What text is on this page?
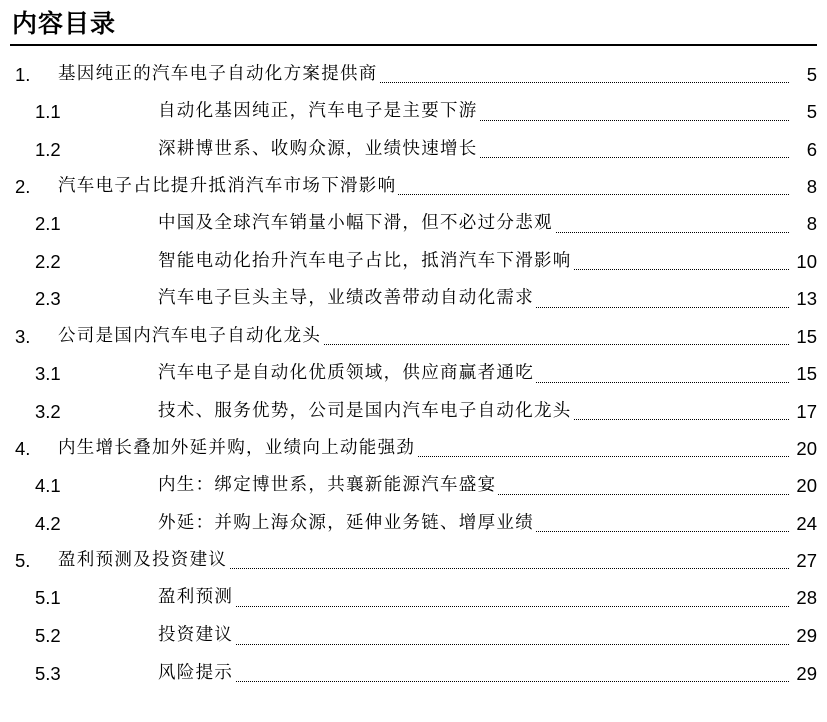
内容目录
1. 基因纯正的汽车电子自动化方案提供商	5
1.1	自动化基因纯正，汽车电子是主要下游	5
1.2	深耕博世系、收购众源，业绩快速增长	6
2. 汽车电子占比提升抵消汽车市场下滑影响	8
2.1	中国及全球汽车销量小幅下滑，但不必过分悲观	8
2.2	智能电动化抬升汽车电子占比，抵消汽车下滑影响	10
2.3	汽车电子巨头主导，业绩改善带动自动化需求	13
3. 公司是国内汽车电子自动化龙头	15
3.1	汽车电子是自动化优质领域，供应商赢者通吃	15
3.2	技术、服务优势，公司是国内汽车电子自动化龙头	17
4. 内生增长叠加外延并购，业绩向上动能强劲	20
4.1	内生：绑定博世系，共襄新能源汽车盛宴	20
4.2	外延：并购上海众源，延伸业务链、增厚业绩	24
5. 盈利预测及投资建议	27
5.1	盈利预测	28
5.2	投资建议	29
5.3	风险提示	29
